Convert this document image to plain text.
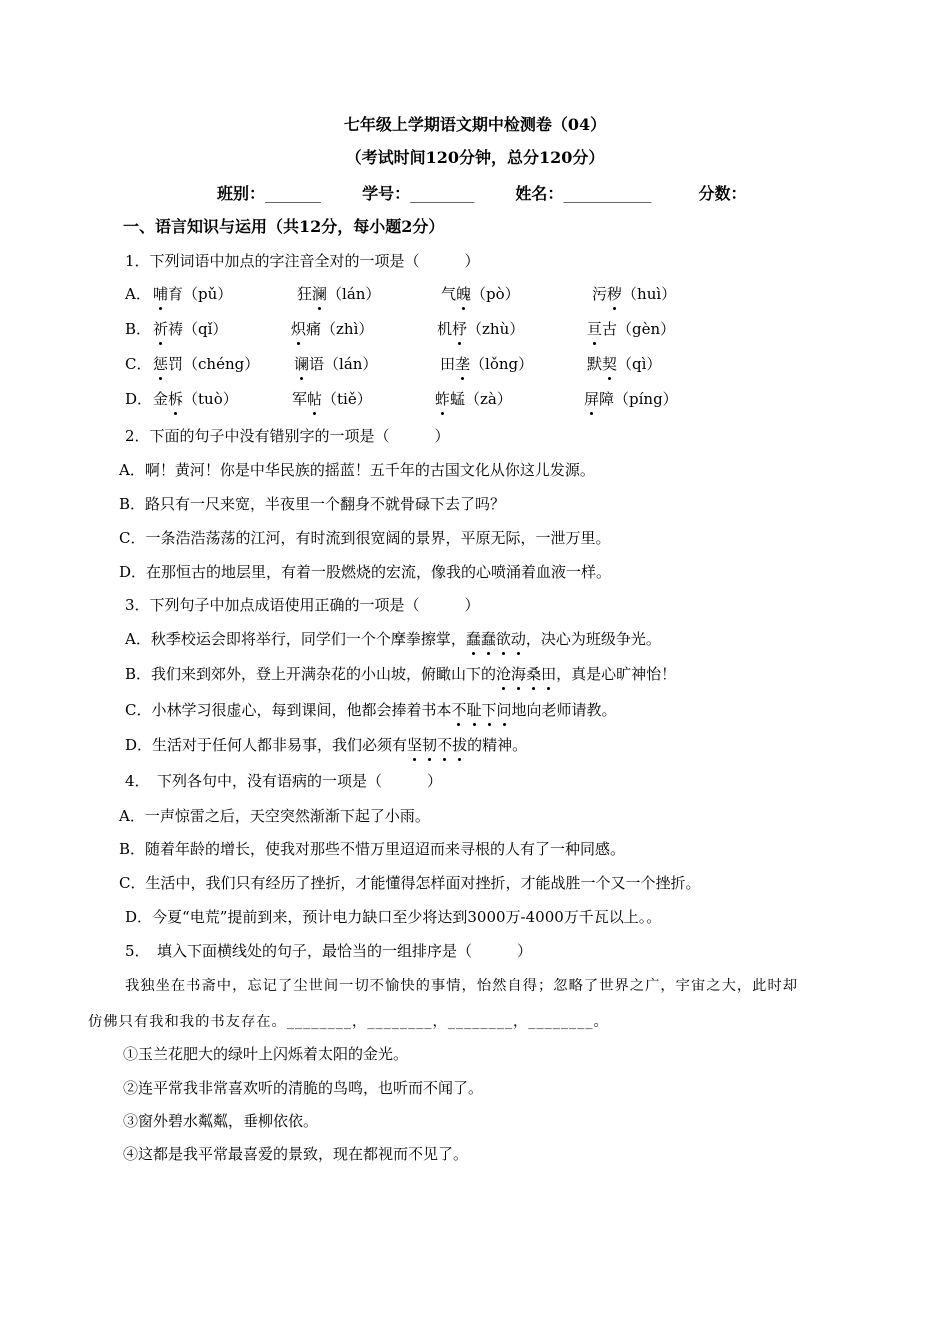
七年级上学期语文期中检测卷（04）
（考试时间120分钟，总分120分）
班别：_______	学号：________	姓名：___________	分数：
一、语言知识与运用（共12分，每小题2分）
1．下列词语中加点的字注音全对的一项是（　　　）
A． 哺育（pǔ）	狂澜（lán）	气魄（pò）	污秽（huì）
B． 祈祷（qǐ）	炽痛（zhì）	机杼（zhù）	亘古（gèn）
C． 惩罚（chéng） 谰语（lán）	田垄（lǒng）	默契（qì）
D． 金柝（tuò）	军帖（tiě）	蚱蜢（zà）	屏障（píng）
2．下面的句子中没有错别字的一项是（　　　）
A．啊！黄河！你是中华民族的摇蓝！五千年的古国文化从你这儿发源。
B．路只有一尺来宽，半夜里一个翻身不就骨碌下去了吗？
C．一条浩浩荡荡的江河，有时流到很宽阔的景界，平原无际，一泄万里。
D．在那恒古的地层里，有着一股燃烧的宏流，像我的心喷涌着血液一样。
3．下列句子中加点成语使用正确的一项是（　　　）
A．秋季校运会即将举行，同学们一个个摩拳擦掌，蠢蠢欲动，决心为班级争光。
B．我们来到郊外，登上开满杂花的小山坡，俯瞰山下的沧海桑田，真是心旷神怡！
C．小林学习很虚心，每到课间，他都会捧着书本不耻下问地向老师请教。
D．生活对于任何人都非易事，我们必须有坚韧不拔的精神。
4．　下列各句中，没有语病的一项是（　　　）
A．一声惊雷之后，天空突然渐渐下起了小雨。
B．随着年龄的增长，使我对那些不惜万里迢迢而来寻根的人有了一种同感。
C．生活中，我们只有经历了挫折，才能懂得怎样面对挫折，才能战胜一个又一个挫折。
D．今夏“电荒”提前到来，预计电力缺口至少将达到3000万-4000万千瓦以上。。
5．　填入下面横线处的句子，最恰当的一组排序是（　　　）
我独坐在书斋中，忘记了尘世间一切不愉快的事情，怡然自得；忽略了世界之广，宇宙之大，此时却
仿佛只有我和我的书友存在。________，________，________，________。
①玉兰花肥大的绿叶上闪烁着太阳的金光。
②连平常我非常喜欢听的清脆的鸟鸣，也听而不闻了。
③窗外碧水粼粼，垂柳依依。
④这都是我平常最喜爱的景致，现在都视而不见了。
